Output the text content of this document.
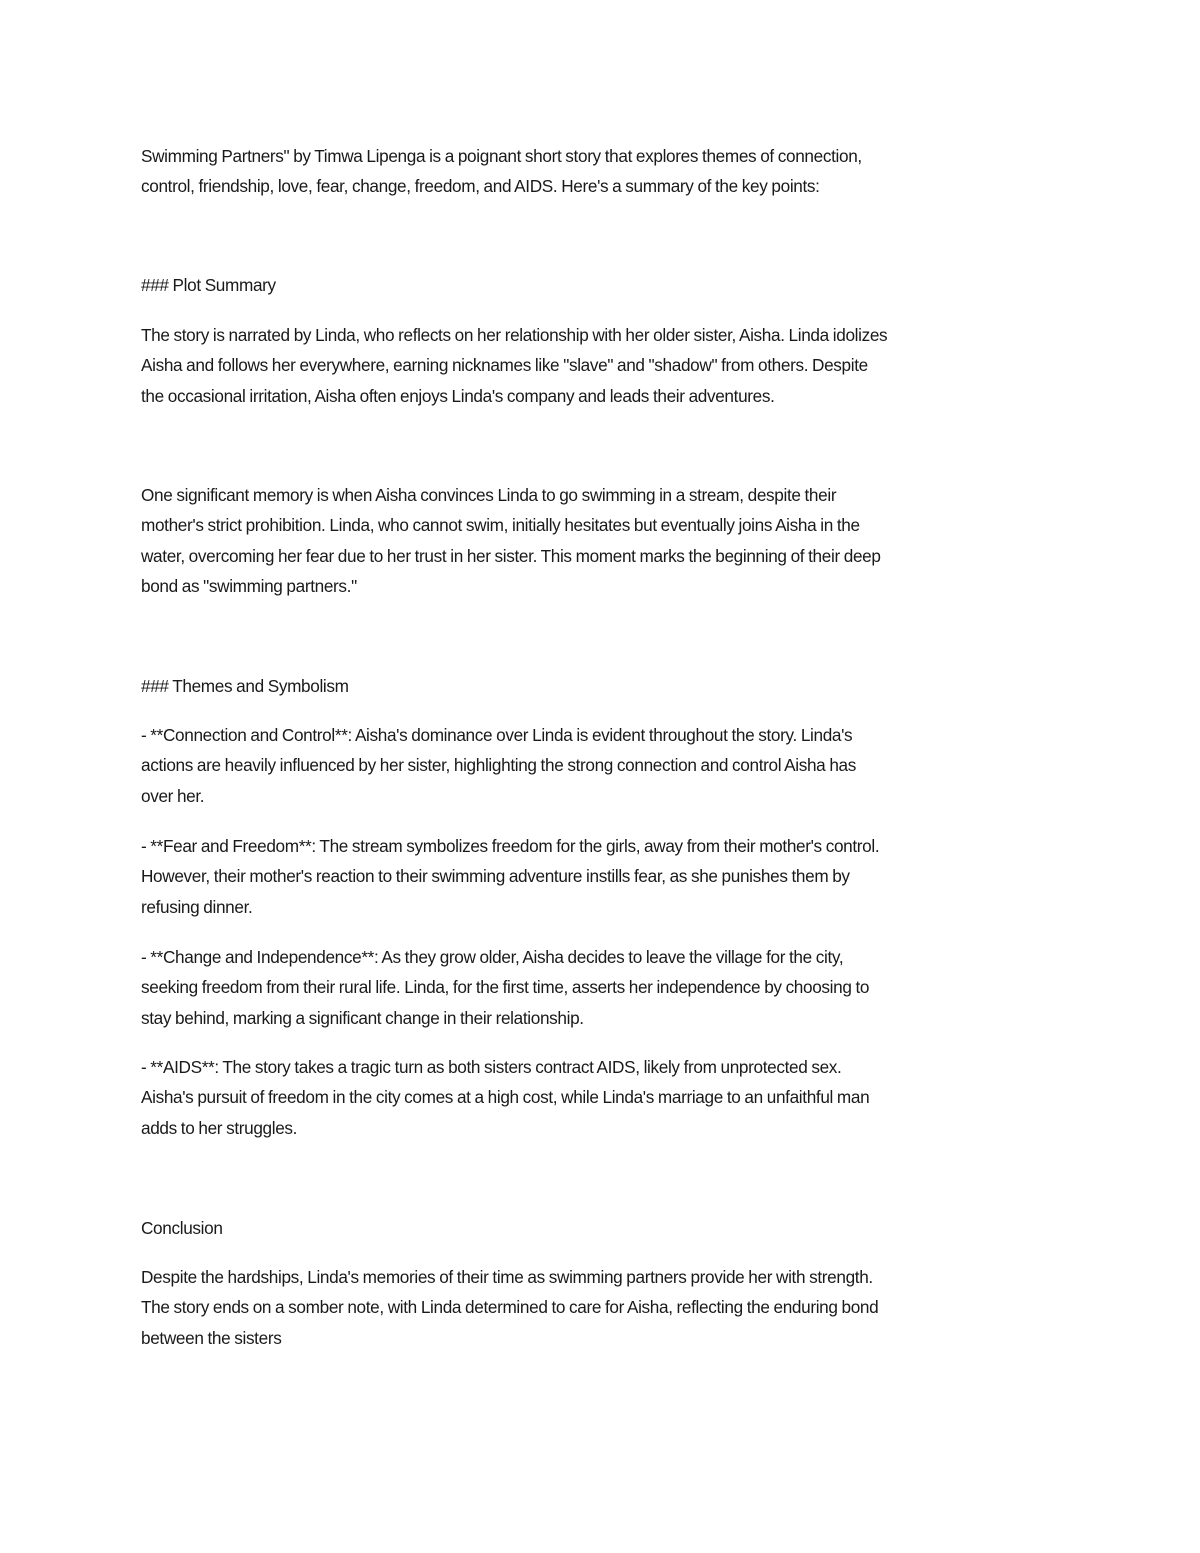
Swimming Partners" by Timwa Lipenga is a poignant short story that explores themes of connection,
control, friendship, love, fear, change, freedom, and AIDS. Here's a summary of the key points:
### Plot Summary
The story is narrated by Linda, who reflects on her relationship with her older sister, Aisha. Linda idolizes
Aisha and follows her everywhere, earning nicknames like "slave" and "shadow" from others. Despite
the occasional irritation, Aisha often enjoys Linda's company and leads their adventures.
One significant memory is when Aisha convinces Linda to go swimming in a stream, despite their
mother's strict prohibition. Linda, who cannot swim, initially hesitates but eventually joins Aisha in the
water, overcoming her fear due to her trust in her sister. This moment marks the beginning of their deep
bond as "swimming partners."
### Themes and Symbolism
- **Connection and Control**: Aisha's dominance over Linda is evident throughout the story. Linda's
actions are heavily influenced by her sister, highlighting the strong connection and control Aisha has
over her.
- **Fear and Freedom**: The stream symbolizes freedom for the girls, away from their mother's control.
However, their mother's reaction to their swimming adventure instills fear, as she punishes them by
refusing dinner.
- **Change and Independence**: As they grow older, Aisha decides to leave the village for the city,
seeking freedom from their rural life. Linda, for the first time, asserts her independence by choosing to
stay behind, marking a significant change in their relationship.
- **AIDS**: The story takes a tragic turn as both sisters contract AIDS, likely from unprotected sex.
Aisha's pursuit of freedom in the city comes at a high cost, while Linda's marriage to an unfaithful man
adds to her struggles.
Conclusion
Despite the hardships, Linda's memories of their time as swimming partners provide her with strength.
The story ends on a somber note, with Linda determined to care for Aisha, reflecting the enduring bond
between the sisters
